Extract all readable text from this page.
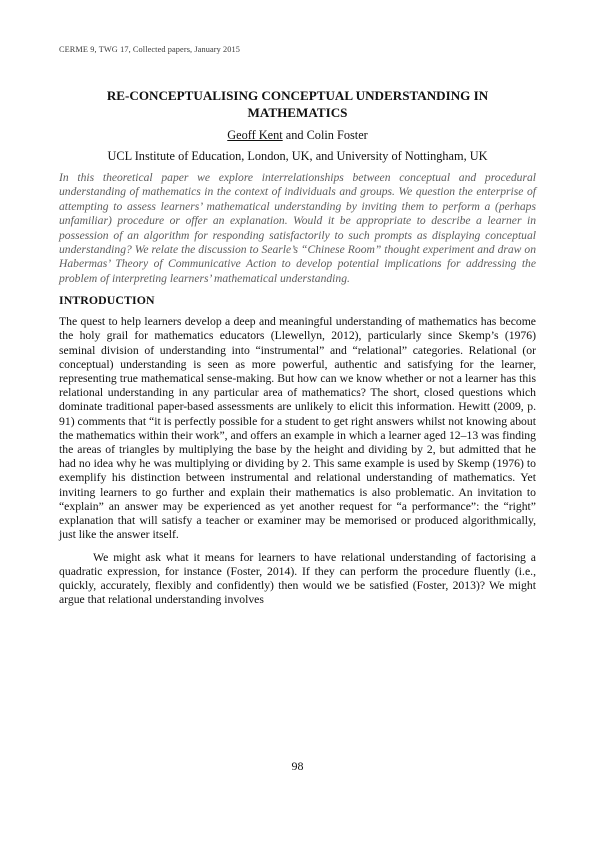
CERME 9, TWG 17, Collected papers, January 2015
RE-CONCEPTUALISING CONCEPTUAL UNDERSTANDING IN MATHEMATICS
Geoff Kent and Colin Foster
UCL Institute of Education, London, UK, and University of Nottingham, UK

In this theoretical paper we explore interrelationships between conceptual and procedural understanding of mathematics in the context of individuals and groups. We question the enterprise of attempting to assess learners’ mathematical understanding by inviting them to perform a (perhaps unfamiliar) procedure or offer an explanation. Would it be appropriate to describe a learner in possession of an algorithm for responding satisfactorily to such prompts as displaying conceptual understanding? We relate the discussion to Searle’s “Chinese Room” thought experiment and draw on Habermas’ Theory of Communicative Action to develop potential implications for addressing the problem of interpreting learners’ mathematical understanding.

INTRODUCTION

The quest to help learners develop a deep and meaningful understanding of mathematics has become the holy grail for mathematics educators (Llewellyn, 2012), particularly since Skemp’s (1976) seminal division of understanding into “instrumental” and “relational” categories. Relational (or conceptual) understanding is seen as more powerful, authentic and satisfying for the learner, representing true mathematical sense-making. But how can we know whether or not a learner has this relational understanding in any particular area of mathematics? The short, closed questions which dominate traditional paper-based assessments are unlikely to elicit this information. Hewitt (2009, p. 91) comments that “it is perfectly possible for a student to get right answers whilst not knowing about the mathematics within their work”, and offers an example in which a learner aged 12–13 was finding the areas of triangles by multiplying the base by the height and dividing by 2, but admitted that he had no idea why he was multiplying or dividing by 2. This same example is used by Skemp (1976) to exemplify his distinction between instrumental and relational understanding of mathematics. Yet inviting learners to go further and explain their mathematics is also problematic. An invitation to “explain” an answer may be experienced as yet another request for “a performance”: the “right” explanation that will satisfy a teacher or examiner may be memorised or produced algorithmically, just like the answer itself.

We might ask what it means for learners to have relational understanding of factorising a quadratic expression, for instance (Foster, 2014). If they can perform the procedure fluently (i.e., quickly, accurately, flexibly and confidently) then would we be satisfied (Foster, 2013)? We might argue that relational understanding involves

98
